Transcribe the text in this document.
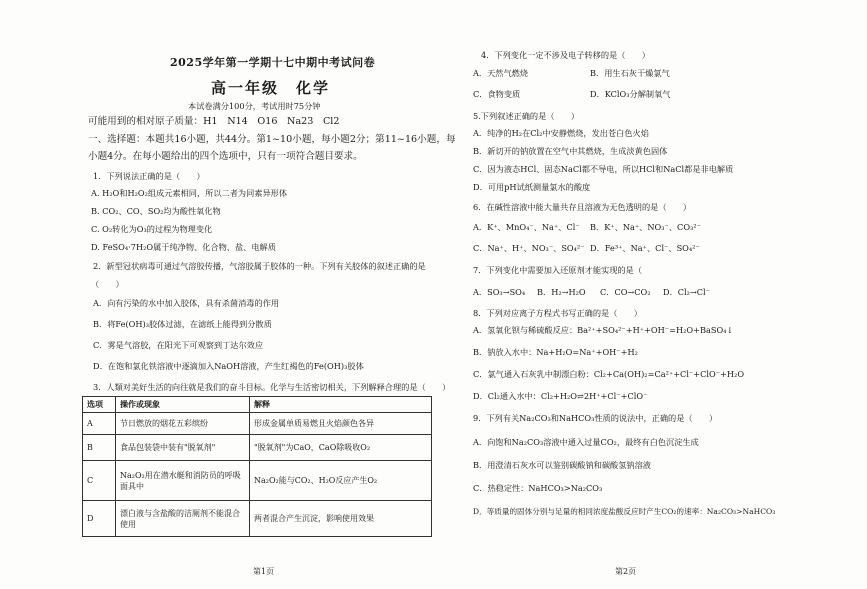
2025学年第一学期十七中期中考试问卷
高一年级　化学
本试卷满分100分，考试用时75分钟
可能用到的相对原子质量：H1　N14　O16　Na23　Cl2
一、选择题：本题共16小题，共44分。第1~10小题，每小题2分；第11~16小题，每
小题4分。在每小题给出的四个选项中，只有一项符合题目要求。
1．下列说法正确的是（　　）
A. H₂O和H₂O₂组成元素相同，所以二者为同素异形体
B. CO₂、CO、SO₂均为酸性氧化物
C. O₂转化为O₃的过程为物理变化
D. FeSO₄·7H₂O属于纯净物、化合物、盐、电解质
2．新型冠状病毒可通过气溶胶传播，气溶胶属于胶体的一种。下列有关胶体的叙述正确的是
（　　）
A．向有污染的水中加入胶体，具有杀菌消毒的作用
B．将Fe(OH)₃胶体过滤，在滤纸上能得到分散质
C．雾是气溶胶，在阳光下可观察到丁达尔效应
D．在饱和氯化铁溶液中逐滴加入NaOH溶液，产生红褐色的Fe(OH)₃胶体
3．人類对美好生活的向往就是我们的奋斗目标。化学与生活密切相关，下列解释合理的是（　　）
选项	操作或现象	解释
A	节日燃放的烟花五彩缤纷	形成金属单质易燃且火焰颜色各异
B	食品包装袋中装有"脱氧剂"	"脱氧剂"为CaO，CaO除吸收O₂
C	Na₂O₂用在潜水艇和消防员的呼吸面具中	Na₂O₂能与CO₂、H₂O反应产生O₂
D	漂白液与含盐酸的洁厕剂不能混合使用	两者混合产生沉淀，影响使用效果
第1页
4．下列变化一定不涉及电子转移的是（　　）
A．天然气燃烧	B．用生石灰干燥氯气
C．食物变质	D．KClO₃分解制氧气
5.下列叙述正确的是（　　）
A．纯净的H₂在Cl₂中安静燃烧，发出苍白色火焰
B．新切开的钠放置在空气中其燃烧，生成淡黄色固体
C．因为液态HCl、固态NaCl都不导电，所以HCl和NaCl都是非电解质
D．可用pH试纸测量氯水的酸度
6．在碱性溶液中能大量共存且溶液为无色透明的是（　　）
A．K⁺、MnO₄⁻、Na⁺、Cl⁻ B．K⁺、Na⁺、NO₃⁻、CO₃²⁻
C．Na⁺、H⁺、NO₃⁻、SO₄²⁻ D．Fe³⁺、Na⁺、Cl⁻、SO₄²⁻
7．下列变化中需要加入还原剂才能实现的是（
A．SO₃→SO₄ B．H₂→H₂O C．CO→CO₂ D．Cl₂→Cl⁻
8．下列对应离子方程式书写正确的是（　　）
A．氢氧化钡与稀硫酸反应：Ba²⁺+SO₄²⁻+H⁺+OH⁻=H₂O+BaSO₄↓
B．钠放入水中：Na+H₂O=Na⁺+OH⁻+H₂
C．氯气通入石灰乳中制漂白粉：Cl₂+Ca(OH)₂=Ca²⁺+Cl⁻+ClO⁻+H₂O
D．Cl₂通入水中：Cl₂+H₂O⇌2H⁺+Cl⁻+ClO⁻
9．下列有关Na₂CO₃和NaHCO₃性质的说法中，正确的是（　　）
A．向饱和Na₂CO₃溶液中通入过量CO₂，最终有白色沉淀生成
B．用澄清石灰水可以鉴别碳酸钠和碳酸氢钠溶液
C．热稳定性：NaHCO₃>Na₂CO₃
D．等质量的固体分别与足量的相同浓度盐酸反应时产生CO₂的速率：Na₂CO₃>NaHCO₃
第2页
